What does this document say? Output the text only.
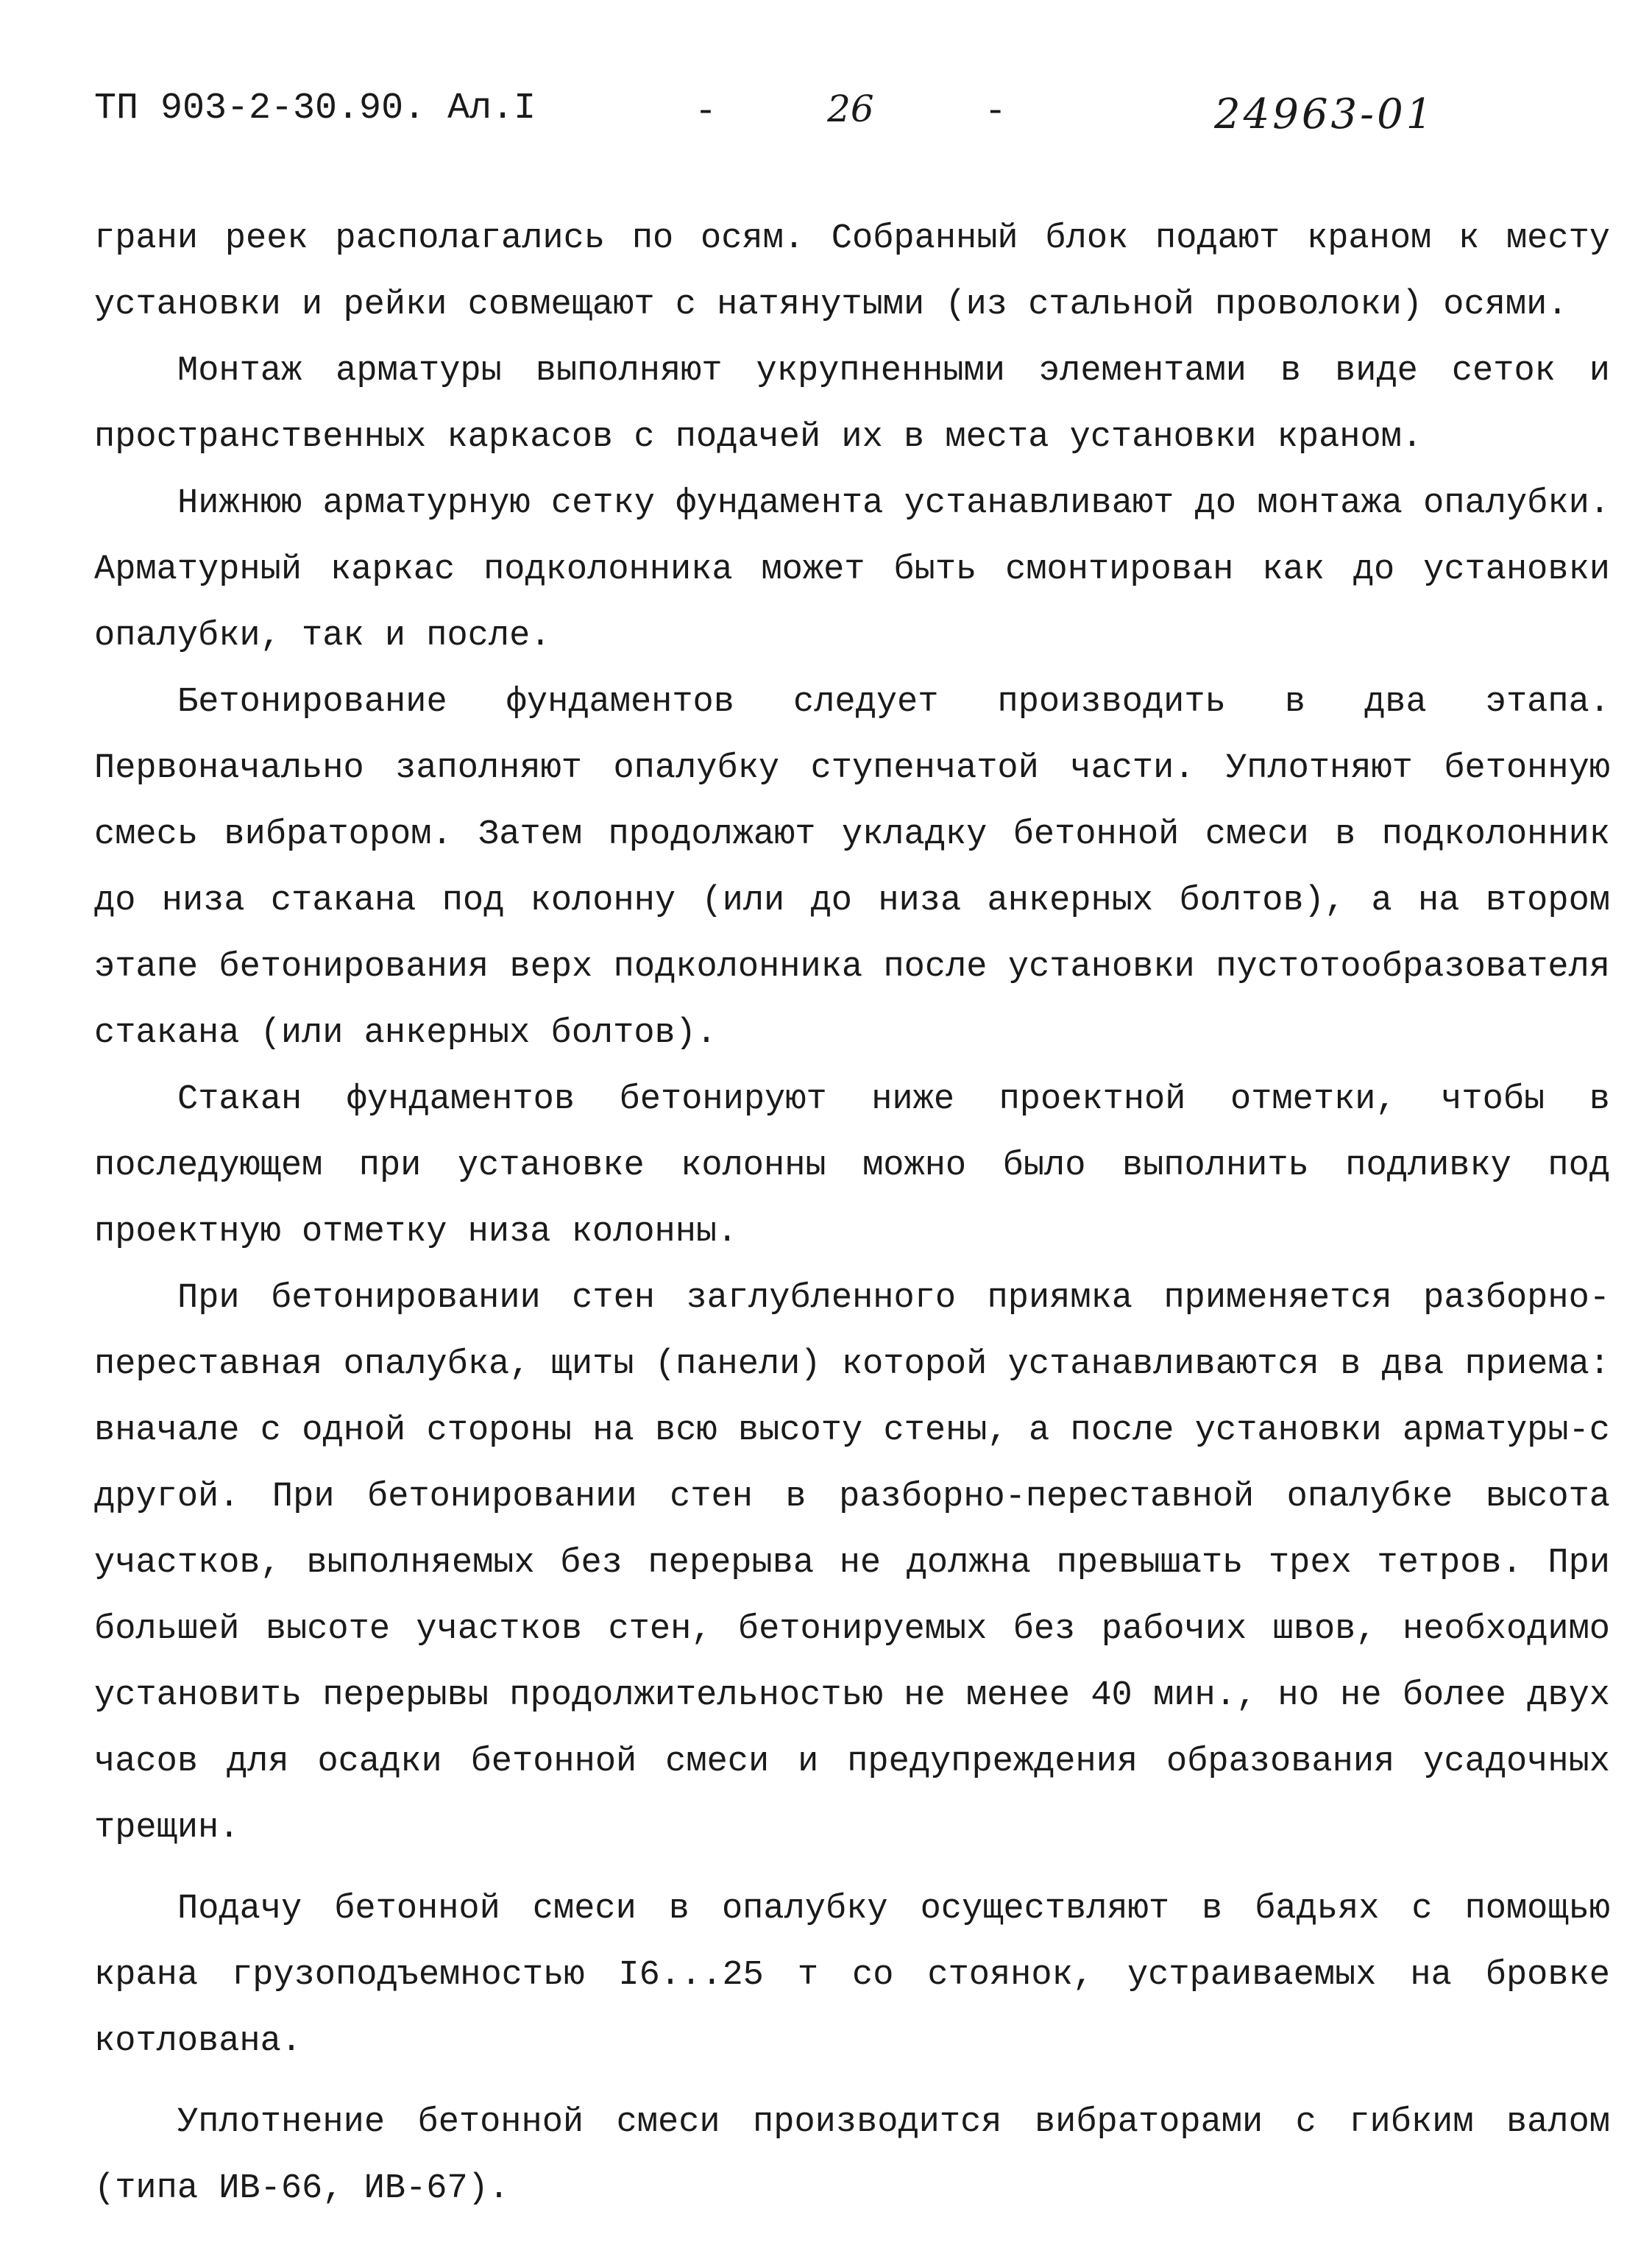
ТП 903-2-30.90. Ал.I	-	26	-	24963-01

грани реек располагались по осям. Собранный блок подают краном к месту установки и рейки совмещают с натянутыми (из стальной проволоки) осями.

Монтаж арматуры выполняют укрупненными элементами в виде сеток и пространственных каркасов с подачей их в места установки краном.

Нижнюю арматурную сетку фундамента устанавливают до монтажа опалубки. Арматурный каркас подколонника может быть смонтирован как до установки опалубки, так и после.

Бетонирование фундаментов следует производить в два этапа. Первоначально заполняют опалубку ступенчатой части. Уплотняют бетонную смесь вибратором. Затем продолжают укладку бетонной смеси в подколонник до низа стакана под колонну (или до низа анкерных болтов), а на втором этапе бетонирования верх подколонника после установки пустотообразователя стакана (или анкерных болтов).

Стакан фундаментов бетонируют ниже проектной отметки, чтобы в последующем при установке колонны можно было выполнить подливку под проектную отметку низа колонны.

При бетонировании стен заглубленного приямка применяется разборно-переставная опалубка, щиты (панели) которой устанавливаются в два приема: вначале с одной стороны на всю высоту стены, а после установки арматуры-с другой. При бетонировании стен в разборно-переставной опалубке высота участков, выполняемых без перерыва не должна превышать трех тетров. При большей высоте участков стен, бетонируемых без рабочих швов, необходимо установить перерывы продолжительностью не менее 40 мин., но не более двух часов для осадки бетонной смеси и предупреждения образования усадочных трещин.

Подачу бетонной смеси в опалубку осуществляют в бадьях с помощью крана грузоподъемностью I6...25 т со стоянок, устраиваемых на бровке котлована.

Уплотнение бетонной смеси производится вибраторами с гибким валом (типа ИВ-66, ИВ-67).
